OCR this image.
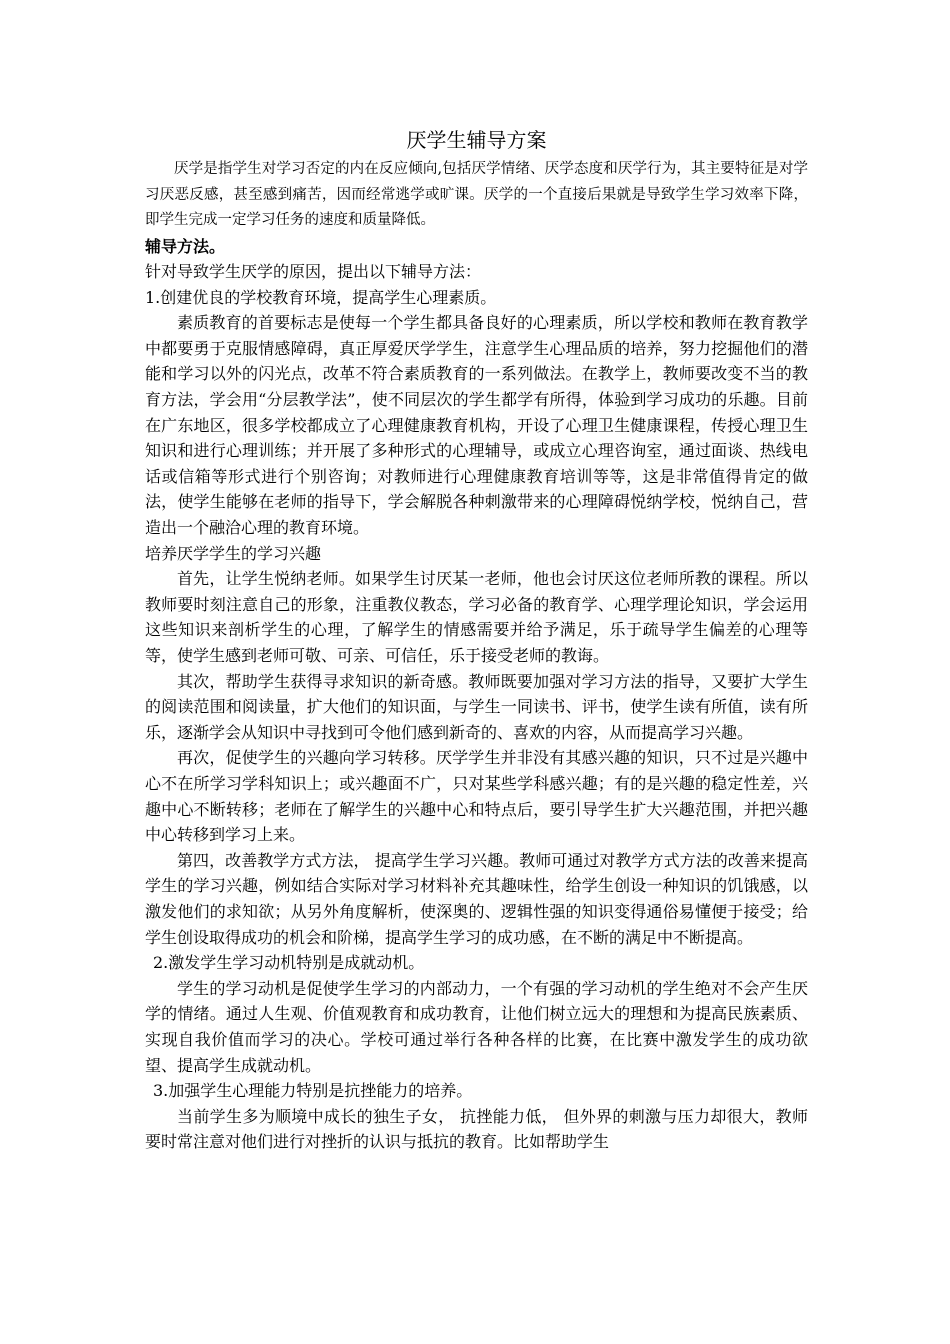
厌学生辅导方案

厌学是指学生对学习否定的内在反应倾向,包括厌学情绪、厌学态度和厌学行为，其主要特征是对学习厌恶反感，甚至感到痛苦，因而经常逃学或旷课。厌学的一个直接后果就是导致学生学习效率下降，即学生完成一定学习任务的速度和质量降低。

辅导方法。

针对导致学生厌学的原因，提出以下辅导方法：

1.创建优良的学校教育环境，提高学生心理素质。

素质教育的首要标志是使每一个学生都具备良好的心理素质，所以学校和教师在教育教学中都要勇于克服情感障碍，真正厚爱厌学学生，注意学生心理品质的培养，努力挖掘他们的潜能和学习以外的闪光点，改革不符合素质教育的一系列做法。在教学上，教师要改变不当的教育方法，学会用“分层教学法”，使不同层次的学生都学有所得，体验到学习成功的乐趣。目前在广东地区，很多学校都成立了心理健康教育机构，开设了心理卫生健康课程，传授心理卫生知识和进行心理训练；并开展了多种形式的心理辅导，或成立心理咨询室，通过面谈、热线电话或信箱等形式进行个别咨询；对教师进行心理健康教育培训等等，这是非常值得肯定的做法，使学生能够在老师的指导下，学会解脱各种刺激带来的心理障碍悦纳学校，悦纳自己，营造出一个融洽心理的教育环境。

培养厌学学生的学习兴趣

首先，让学生悦纳老师。如果学生讨厌某一老师，他也会讨厌这位老师所教的课程。所以教师要时刻注意自己的形象，注重教仪教态，学习必备的教育学、心理学理论知识，学会运用这些知识来剖析学生的心理，了解学生的情感需要并给予满足，乐于疏导学生偏差的心理等等，使学生感到老师可敬、可亲、可信任，乐于接受老师的教诲。

其次，帮助学生获得寻求知识的新奇感。教师既要加强对学习方法的指导，又要扩大学生的阅读范围和阅读量，扩大他们的知识面，与学生一同读书、评书，使学生读有所值，读有所乐，逐渐学会从知识中寻找到可令他们感到新奇的、喜欢的内容，从而提高学习兴趣。

再次，促使学生的兴趣向学习转移。厌学学生并非没有其感兴趣的知识，只不过是兴趣中心不在所学习学科知识上；或兴趣面不广，只对某些学科感兴趣；有的是兴趣的稳定性差，兴趣中心不断转移；老师在了解学生的兴趣中心和特点后，要引导学生扩大兴趣范围，并把兴趣中心转移到学习上来。

第四，改善教学方式方法， 提高学生学习兴趣。教师可通过对教学方式方法的改善来提高学生的学习兴趣，例如结合实际对学习材料补充其趣味性，给学生创设一种知识的饥饿感，以激发他们的求知欲；从另外角度解析，使深奥的、逻辑性强的知识变得通俗易懂便于接受；给学生创设取得成功的机会和阶梯，提高学生学习的成功感，在不断的满足中不断提高。

2.激发学生学习动机特别是成就动机。

学生的学习动机是促使学生学习的内部动力，一个有强的学习动机的学生绝对不会产生厌学的情绪。通过人生观、价值观教育和成功教育，让他们树立远大的理想和为提高民族素质、实现自我价值而学习的决心。学校可通过举行各种各样的比赛，在比赛中激发学生的成功欲望、提高学生成就动机。

3.加强学生心理能力特别是抗挫能力的培养。

当前学生多为顺境中成长的独生子女， 抗挫能力低， 但外界的刺激与压力却很大，教师要时常注意对他们进行对挫折的认识与抵抗的教育。比如帮助学生
